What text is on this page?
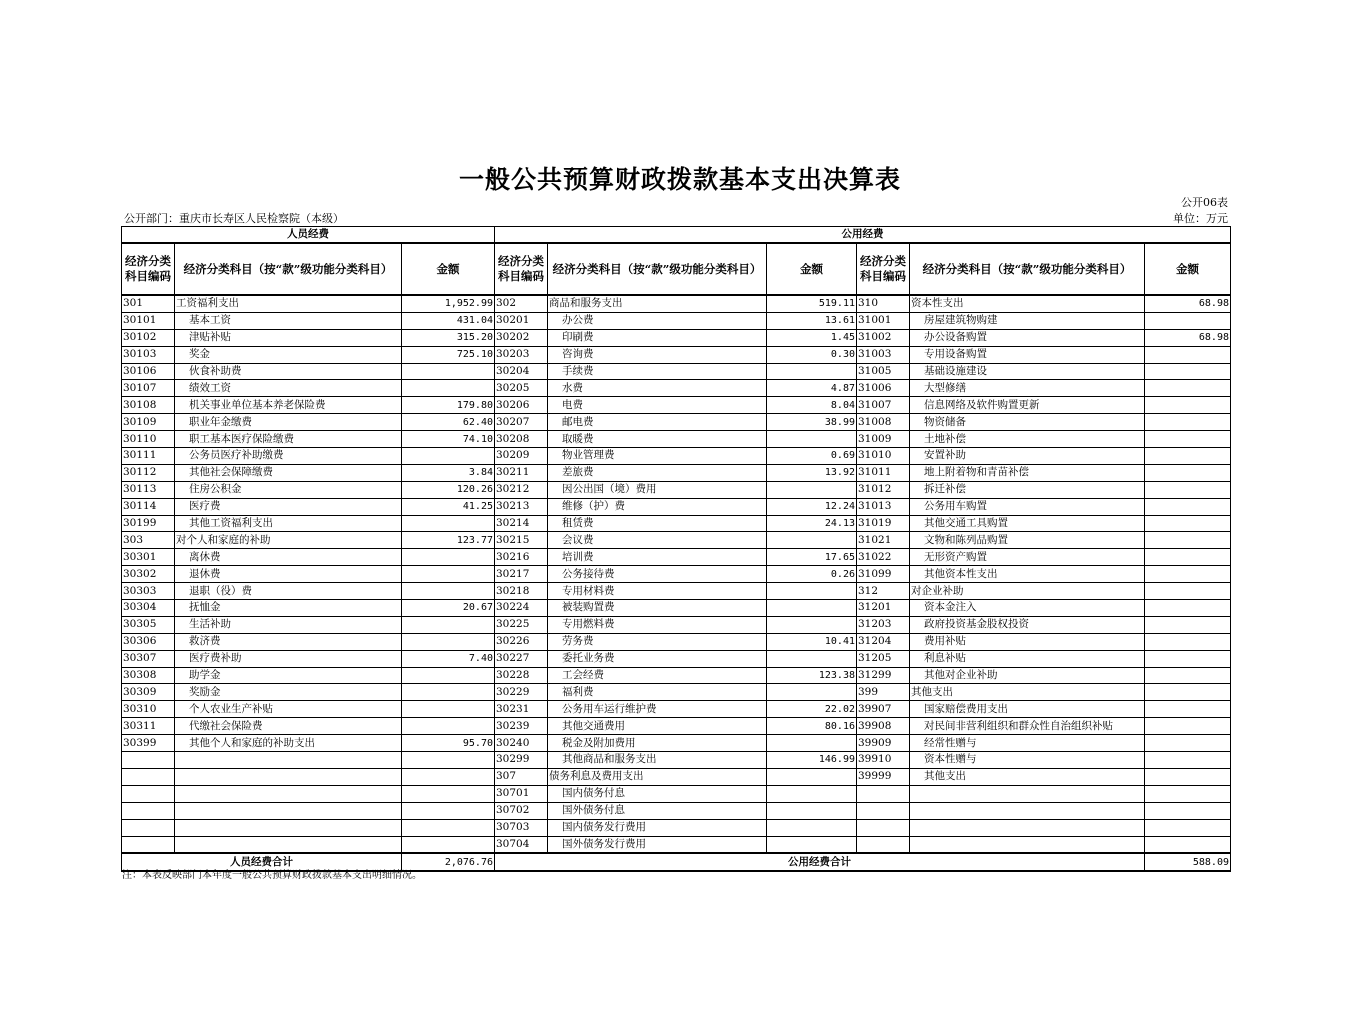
一般公共预算财政拨款基本支出决算表
公开06表
公开部门：重庆市长寿区人民检察院（本级）	单位：万元
人员经费			公用经费					
经济分类科目编码	经济分类科目（按“款”级功能分类科目）	金额	经济分类科目编码	经济分类科目（按“款”级功能分类科目）	金额	经济分类科目编码	经济分类科目（按“款”级功能分类科目）	金额
301	工资福利支出	1,952.99	302	商品和服务支出	519.11	310	资本性支出	68.98
30101	基本工资	431.04	30201	办公费	13.61	31001	房屋建筑物购建	
30102	津贴补贴	315.20	30202	印刷费	1.45	31002	办公设备购置	68.98
30103	奖金	725.10	30203	咨询费	0.30	31003	专用设备购置	
30106	伙食补助费		30204	手续费		31005	基础设施建设	
30107	绩效工资		30205	水费	4.87	31006	大型修缮	
30108	机关事业单位基本养老保险费	179.80	30206	电费	8.04	31007	信息网络及软件购置更新	
30109	职业年金缴费	62.40	30207	邮电费	38.99	31008	物资储备	
30110	职工基本医疗保险缴费	74.10	30208	取暖费		31009	土地补偿	
30111	公务员医疗补助缴费		30209	物业管理费	0.69	31010	安置补助	
30112	其他社会保障缴费	3.84	30211	差旅费	13.92	31011	地上附着物和青苗补偿	
30113	住房公积金	120.26	30212	因公出国（境）费用		31012	拆迁补偿	
30114	医疗费	41.25	30213	维修（护）费	12.24	31013	公务用车购置	
30199	其他工资福利支出		30214	租赁费	24.13	31019	其他交通工具购置	
303	对个人和家庭的补助	123.77	30215	会议费		31021	文物和陈列品购置	
30301	离休费		30216	培训费	17.65	31022	无形资产购置	
30302	退休费		30217	公务接待费	0.26	31099	其他资本性支出	
30303	退职（役）费		30218	专用材料费		312	对企业补助	
30304	抚恤金	20.67	30224	被装购置费		31201	资本金注入	
30305	生活补助		30225	专用燃料费		31203	政府投资基金股权投资	
30306	救济费		30226	劳务费	10.41	31204	费用补贴	
30307	医疗费补助	7.40	30227	委托业务费		31205	利息补贴	
30308	助学金		30228	工会经费	123.38	31299	其他对企业补助	
30309	奖励金		30229	福利费		399	其他支出	
30310	个人农业生产补贴		30231	公务用车运行维护费	22.02	39907	国家赔偿费用支出	
30311	代缴社会保险费		30239	其他交通费用	80.16	39908	对民间非营利组织和群众性自治组织补贴	
30399	其他个人和家庭的补助支出	95.70	30240	税金及附加费用		39909	经常性赠与	
			30299	其他商品和服务支出	146.99	39910	资本性赠与	
			307	债务利息及费用支出		39999	其他支出	
			30701	国内债务付息				
			30702	国外债务付息				
			30703	国内债务发行费用				
			30704	国外债务发行费用				
人员经费合计		2,076.76	公用经费合计					588.09
注：本表反映部门本年度一般公共预算财政拨款基本支出明细情况。
